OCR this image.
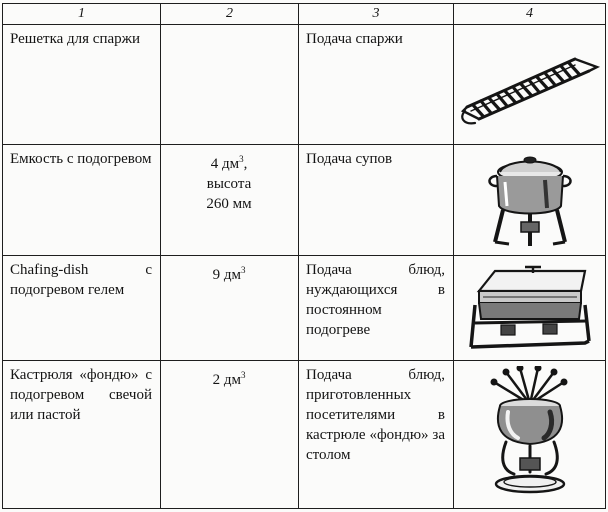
1	2	3	4

Решетка для спаржи		Подача спаржи

Емкость с подогревом	4 $дм^3$,
высота
260 мм	Подача супов

Chafing-dish с подогревом гелем	9 $дм^3$	Подача блюд, нуждающихся в постоянном подогреве

Кастрюля «фондю» с подогревом свечой или пастой	2 $дм^3$	Подача блюд, приготовленных посетителями в кастрюле «фондю» за столом
